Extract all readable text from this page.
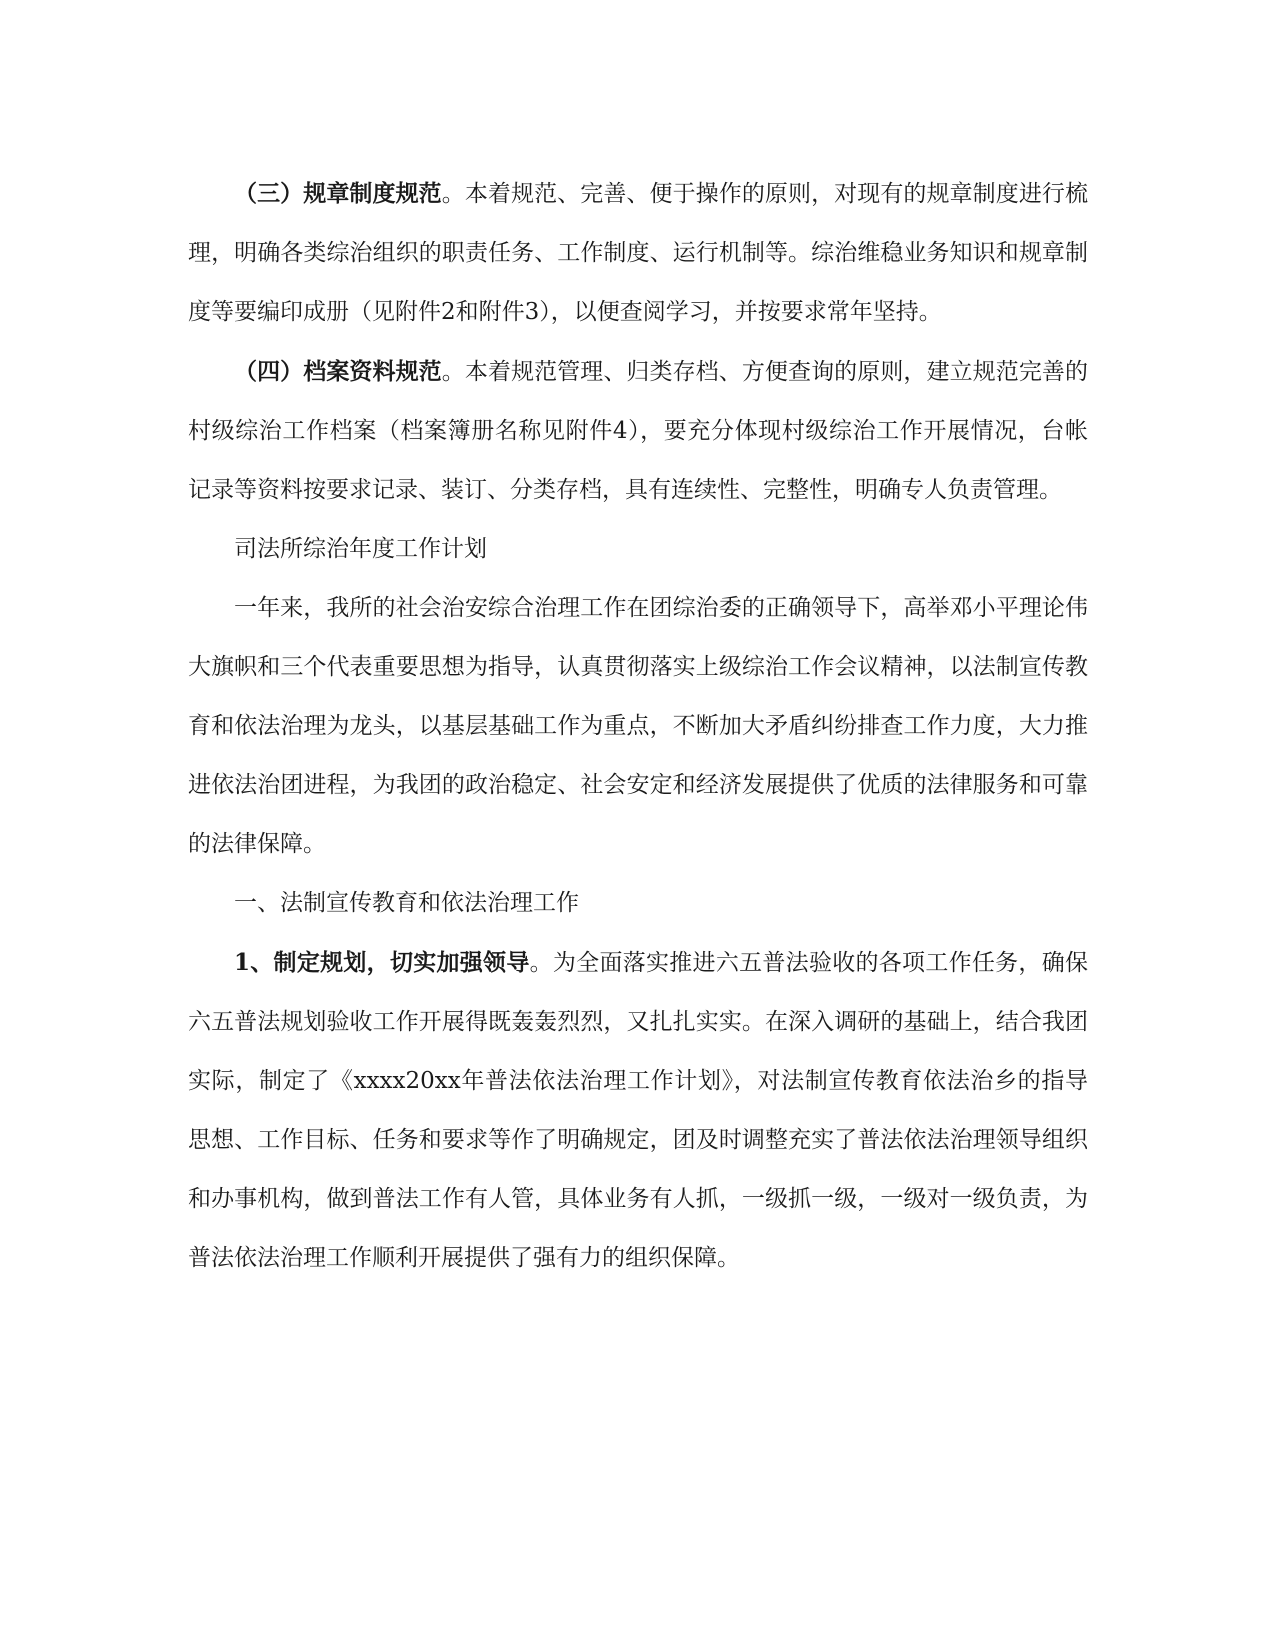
（三）规章制度规范。本着规范、完善、便于操作的原则，对现有的规章制度进行梳理，明确各类综治组织的职责任务、工作制度、运行机制等。综治维稳业务知识和规章制度等要编印成册（见附件2和附件3），以便查阅学习，并按要求常年坚持。

（四）档案资料规范。本着规范管理、归类存档、方便查询的原则，建立规范完善的村级综治工作档案（档案簿册名称见附件4），要充分体现村级综治工作开展情况，台帐记录等资料按要求记录、装订、分类存档，具有连续性、完整性，明确专人负责管理。

司法所综治年度工作计划

一年来，我所的社会治安综合治理工作在团综治委的正确领导下，高举邓小平理论伟大旗帜和三个代表重要思想为指导，认真贯彻落实上级综治工作会议精神，以法制宣传教育和依法治理为龙头，以基层基础工作为重点，不断加大矛盾纠纷排查工作力度，大力推进依法治团进程，为我团的政治稳定、社会安定和经济发展提供了优质的法律服务和可靠的法律保障。

一、法制宣传教育和依法治理工作

1、制定规划，切实加强领导。为全面落实推进六五普法验收的各项工作任务，确保六五普法规划验收工作开展得既轰轰烈烈，又扎扎实实。在深入调研的基础上，结合我团实际，制定了《xxxx20xx年普法依法治理工作计划》，对法制宣传教育依法治乡的指导思想、工作目标、任务和要求等作了明确规定，团及时调整充实了普法依法治理领导组织和办事机构，做到普法工作有人管，具体业务有人抓，一级抓一级，一级对一级负责，为普法依法治理工作顺利开展提供了强有力的组织保障。
